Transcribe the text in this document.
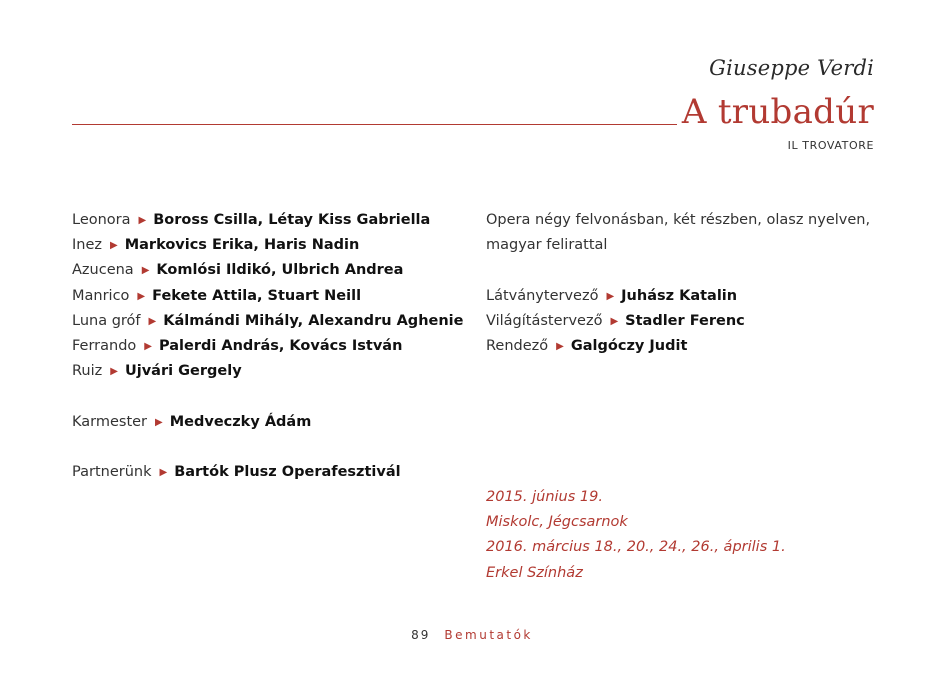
Giuseppe Verdi
A trubadúr
IL TROVATORE
Leonora ▶ Boross Csilla, Létay Kiss Gabriella
Inez ▶ Markovics Erika, Haris Nadin
Azucena ▶ Komlósi Ildikó, Ulbrich Andrea
Manrico ▶ Fekete Attila, Stuart Neill
Luna gróf ▶ Kálmándi Mihály, Alexandru Aghenie
Ferrando ▶ Palerdi András, Kovács István
Ruiz ▶ Ujvári Gergely
Karmester ▶ Medveczky Ádám
Partnerünk ▶ Bartók Plusz Operafesztivál
Opera négy felvonásban, két részben, olasz nyelven,
magyar felirattal
Látványtervező ▶ Juhász Katalin
Világítástervező ▶ Stadler Ferenc
Rendező ▶ Galgóczy Judit
2015. június 19.
Miskolc, Jégcsarnok
2016. március 18., 20., 24., 26., április 1.
Erkel Színház
89 Bemutatók
